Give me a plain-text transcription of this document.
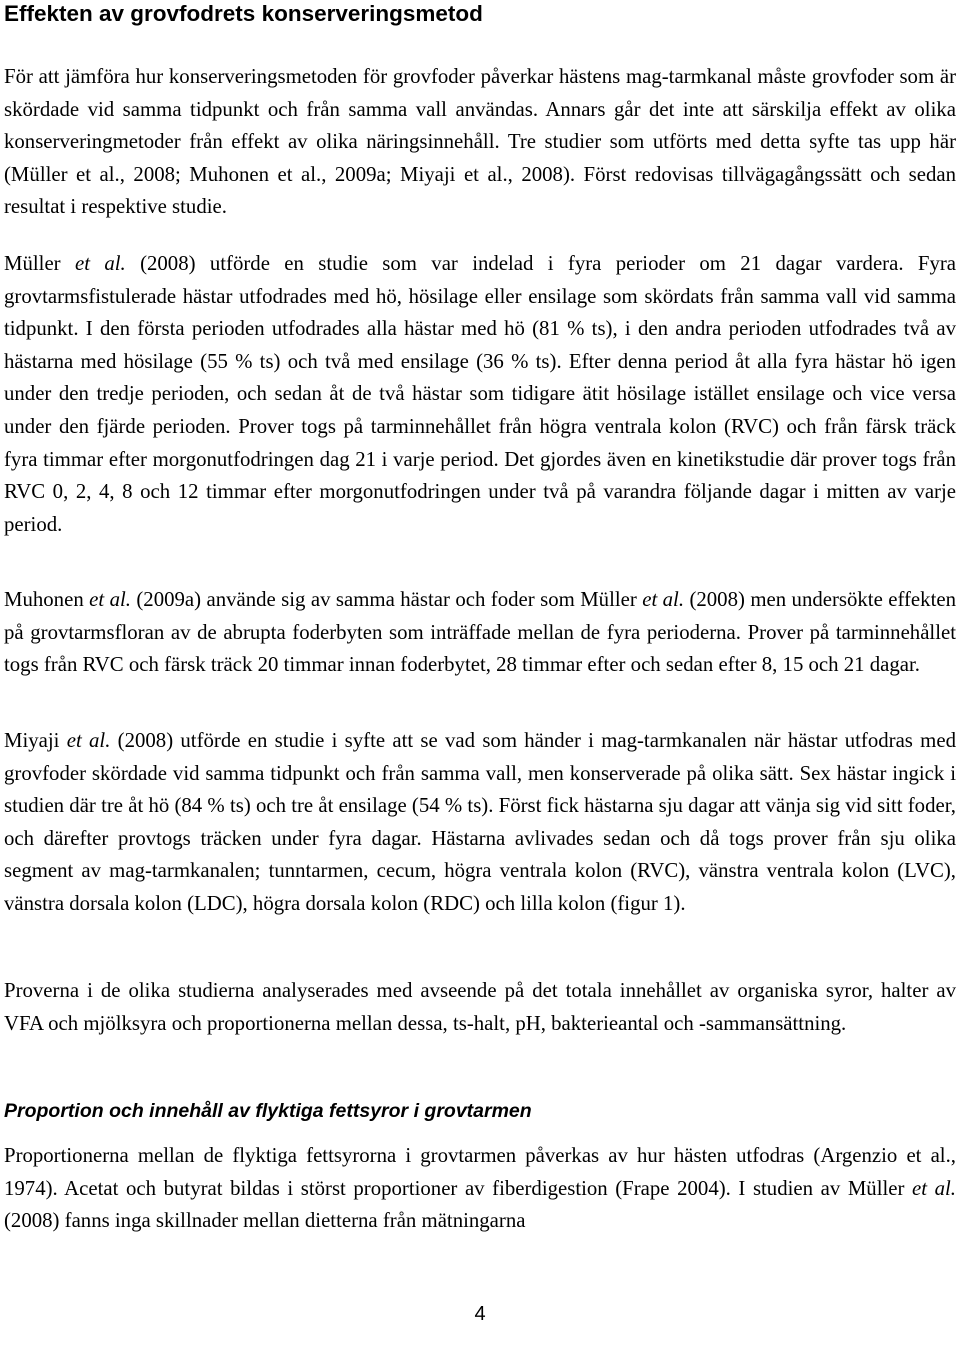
Effekten av grovfodrets konserveringsmetod

För att jämföra hur konserveringsmetoden för grovfoder påverkar hästens mag-tarmkanal måste grovfoder som är skördade vid samma tidpunkt och från samma vall användas. Annars går det inte att särskilja effekt av olika konserveringmetoder från effekt av olika näringsinnehåll. Tre studier som utförts med detta syfte tas upp här (Müller et al., 2008; Muhonen et al., 2009a; Miyaji et al., 2008). Först redovisas tillvägagångssätt och sedan resultat i respektive studie.

Müller et al. (2008) utförde en studie som var indelad i fyra perioder om 21 dagar vardera. Fyra grovtarmsfistulerade hästar utfodrades med hö, hösilage eller ensilage som skördats från samma vall vid samma tidpunkt. I den första perioden utfodrades alla hästar med hö (81 % ts), i den andra perioden utfodrades två av hästarna med hösilage (55 % ts) och två med ensilage (36 % ts). Efter denna period åt alla fyra hästar hö igen under den tredje perioden, och sedan åt de två hästar som tidigare ätit hösilage istället ensilage och vice versa under den fjärde perioden. Prover togs på tarminnehållet från högra ventrala kolon (RVC) och från färsk träck fyra timmar efter morgonutfodringen dag 21 i varje period. Det gjordes även en kinetikstudie där prover togs från RVC 0, 2, 4, 8 och 12 timmar efter morgonutfodringen under två på varandra följande dagar i mitten av varje period.

Muhonen et al. (2009a) använde sig av samma hästar och foder som Müller et al. (2008) men undersökte effekten på grovtarmsfloran av de abrupta foderbyten som inträffade mellan de fyra perioderna. Prover på tarminnehållet togs från RVC och färsk träck 20 timmar innan foderbytet, 28 timmar efter och sedan efter 8, 15 och 21 dagar.

Miyaji et al. (2008) utförde en studie i syfte att se vad som händer i mag-tarmkanalen när hästar utfodras med grovfoder skördade vid samma tidpunkt och från samma vall, men konserverade på olika sätt. Sex hästar ingick i studien där tre åt hö (84 % ts) och tre åt ensilage (54 % ts). Först fick hästarna sju dagar att vänja sig vid sitt foder, och därefter provtogs träcken under fyra dagar. Hästarna avlivades sedan och då togs prover från sju olika segment av mag-tarmkanalen; tunntarmen, cecum, högra ventrala kolon (RVC), vänstra ventrala kolon (LVC), vänstra dorsala kolon (LDC), högra dorsala kolon (RDC) och lilla kolon (figur 1).

Proverna i de olika studierna analyserades med avseende på det totala innehållet av organiska syror, halter av VFA och mjölksyra och proportionerna mellan dessa, ts-halt, pH, bakterieantal och -sammansättning.

Proportion och innehåll av flyktiga fettsyror i grovtarmen

Proportionerna mellan de flyktiga fettsyrorna i grovtarmen påverkas av hur hästen utfodras (Argenzio et al., 1974). Acetat och butyrat bildas i störst proportioner av fiberdigestion (Frape 2004). I studien av Müller et al. (2008) fanns inga skillnader mellan dietterna från mätningarna

4
